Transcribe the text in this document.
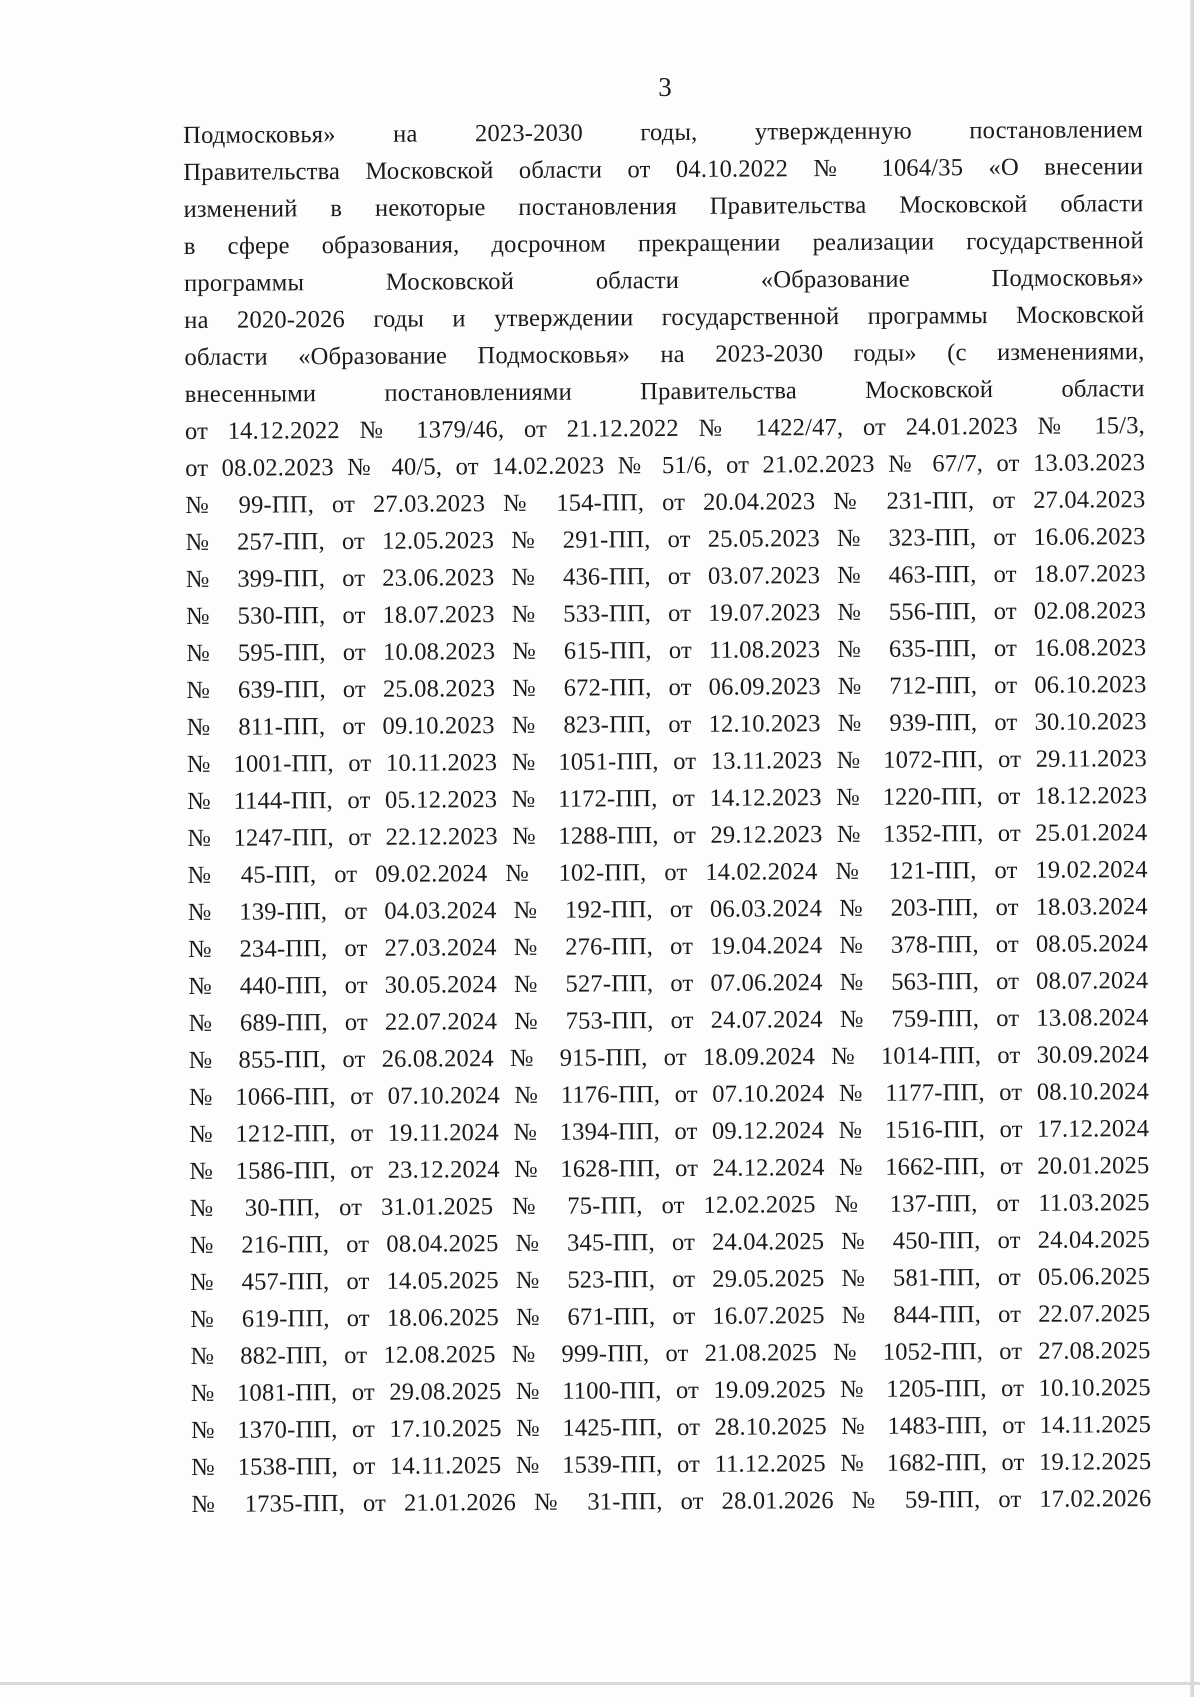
3
Подмосковья» на 2023-2030 годы, утвержденную постановлением
Правительства Московской области от 04.10.2022 № 1064/35 «О внесении
изменений в некоторые постановления Правительства Московской области
в сфере образования, досрочном прекращении реализации государственной
программы Московской области «Образование Подмосковья»
на 2020-2026 годы и утверждении государственной программы Московской
области «Образование Подмосковья» на 2023-2030 годы» (с изменениями,
внесенными постановлениями Правительства Московской области
от 14.12.2022 № 1379/46, от 21.12.2022 № 1422/47, от 24.01.2023 № 15/3,
от 08.02.2023 № 40/5, от 14.02.2023 № 51/6, от 21.02.2023 № 67/7, от 13.03.2023
№ 99-ПП, от 27.03.2023 № 154-ПП, от 20.04.2023 № 231-ПП, от 27.04.2023
№ 257-ПП, от 12.05.2023 № 291-ПП, от 25.05.2023 № 323-ПП, от 16.06.2023
№ 399-ПП, от 23.06.2023 № 436-ПП, от 03.07.2023 № 463-ПП, от 18.07.2023
№ 530-ПП, от 18.07.2023 № 533-ПП, от 19.07.2023 № 556-ПП, от 02.08.2023
№ 595-ПП, от 10.08.2023 № 615-ПП, от 11.08.2023 № 635-ПП, от 16.08.2023
№ 639-ПП, от 25.08.2023 № 672-ПП, от 06.09.2023 № 712-ПП, от 06.10.2023
№ 811-ПП, от 09.10.2023 № 823-ПП, от 12.10.2023 № 939-ПП, от 30.10.2023
№ 1001-ПП, от 10.11.2023 № 1051-ПП, от 13.11.2023 № 1072-ПП, от 29.11.2023
№ 1144-ПП, от 05.12.2023 № 1172-ПП, от 14.12.2023 № 1220-ПП, от 18.12.2023
№ 1247-ПП, от 22.12.2023 № 1288-ПП, от 29.12.2023 № 1352-ПП, от 25.01.2024
№ 45-ПП, от 09.02.2024 № 102-ПП, от 14.02.2024 № 121-ПП, от 19.02.2024
№ 139-ПП, от 04.03.2024 № 192-ПП, от 06.03.2024 № 203-ПП, от 18.03.2024
№ 234-ПП, от 27.03.2024 № 276-ПП, от 19.04.2024 № 378-ПП, от 08.05.2024
№ 440-ПП, от 30.05.2024 № 527-ПП, от 07.06.2024 № 563-ПП, от 08.07.2024
№ 689-ПП, от 22.07.2024 № 753-ПП, от 24.07.2024 № 759-ПП, от 13.08.2024
№ 855-ПП, от 26.08.2024 № 915-ПП, от 18.09.2024 № 1014-ПП, от 30.09.2024
№ 1066-ПП, от 07.10.2024 № 1176-ПП, от 07.10.2024 № 1177-ПП, от 08.10.2024
№ 1212-ПП, от 19.11.2024 № 1394-ПП, от 09.12.2024 № 1516-ПП, от 17.12.2024
№ 1586-ПП, от 23.12.2024 № 1628-ПП, от 24.12.2024 № 1662-ПП, от 20.01.2025
№ 30-ПП, от 31.01.2025 № 75-ПП, от 12.02.2025 № 137-ПП, от 11.03.2025
№ 216-ПП, от 08.04.2025 № 345-ПП, от 24.04.2025 № 450-ПП, от 24.04.2025
№ 457-ПП, от 14.05.2025 № 523-ПП, от 29.05.2025 № 581-ПП, от 05.06.2025
№ 619-ПП, от 18.06.2025 № 671-ПП, от 16.07.2025 № 844-ПП, от 22.07.2025
№ 882-ПП, от 12.08.2025 № 999-ПП, от 21.08.2025 № 1052-ПП, от 27.08.2025
№ 1081-ПП, от 29.08.2025 № 1100-ПП, от 19.09.2025 № 1205-ПП, от 10.10.2025
№ 1370-ПП, от 17.10.2025 № 1425-ПП, от 28.10.2025 № 1483-ПП, от 14.11.2025
№ 1538-ПП, от 14.11.2025 № 1539-ПП, от 11.12.2025 № 1682-ПП, от 19.12.2025
№ 1735-ПП, от 21.01.2026 № 31-ПП, от 28.01.2026 № 59-ПП, от 17.02.2026
